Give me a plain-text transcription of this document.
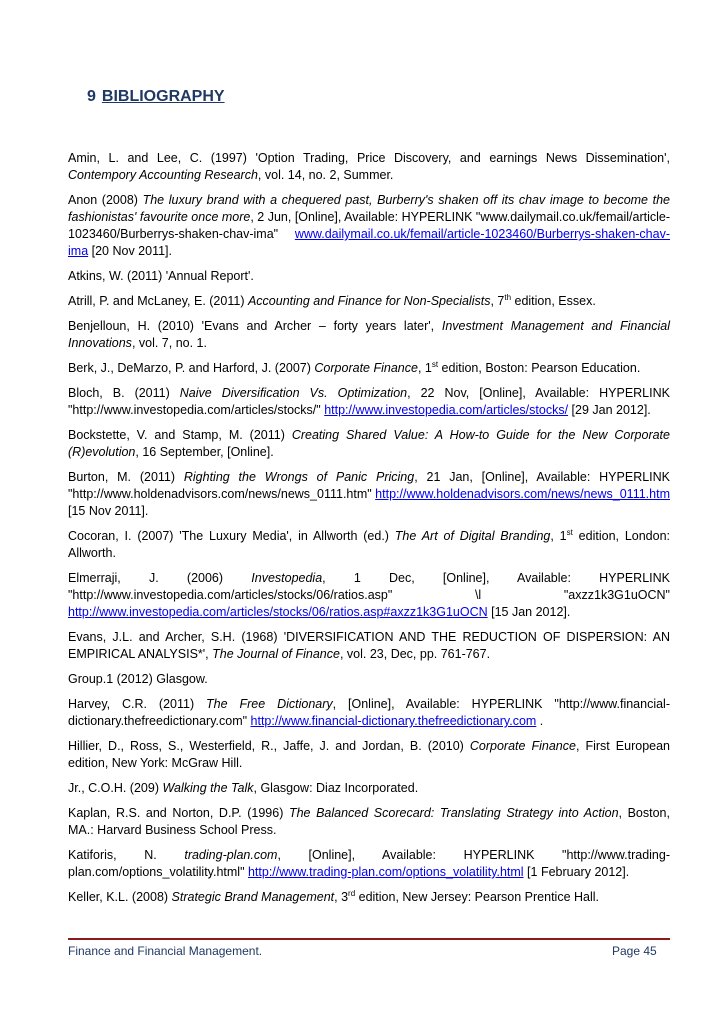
9 BIBLIOGRAPHY

Amin, L. and Lee, C. (1997) 'Option Trading, Price Discovery, and earnings News Dissemination', Contempory Accounting Research, vol. 14, no. 2, Summer.

Anon (2008) The luxury brand with a chequered past, Burberry's shaken off its chav image to become the fashionistas' favourite once more, 2 Jun, [Online], Available: HYPERLINK "www.dailymail.co.uk/femail/article-1023460/Burberrys-shaken-chav-ima" www.dailymail.co.uk/femail/article-1023460/Burberrys-shaken-chav-ima [20 Nov 2011].

Atkins, W. (2011) 'Annual Report'.

Atrill, P. and McLaney, E. (2011) Accounting and Finance for Non-Specialists, 7th edition, Essex.

Benjelloun, H. (2010) 'Evans and Archer – forty years later', Investment Management and Financial Innovations, vol. 7, no. 1.

Berk, J., DeMarzo, P. and Harford, J. (2007) Corporate Finance, 1st edition, Boston: Pearson Education.

Bloch, B. (2011) Naive Diversification Vs. Optimization, 22 Nov, [Online], Available: HYPERLINK "http://www.investopedia.com/articles/stocks/" http://www.investopedia.com/articles/stocks/ [29 Jan 2012].

Bockstette, V. and Stamp, M. (2011) Creating Shared Value: A How-to Guide for the New Corporate (R)evolution, 16 September, [Online].

Burton, M. (2011) Righting the Wrongs of Panic Pricing, 21 Jan, [Online], Available: HYPERLINK "http://www.holdenadvisors.com/news/news_0111.htm" http://www.holdenadvisors.com/news/news_0111.htm [15 Nov 2011].

Cocoran, I. (2007) 'The Luxury Media', in Allworth (ed.) The Art of Digital Branding, 1st edition, London: Allworth.

Elmerraji, J. (2006) Investopedia, 1 Dec, [Online], Available: HYPERLINK "http://www.investopedia.com/articles/stocks/06/ratios.asp" \l "axzz1k3G1uOCN" http://www.investopedia.com/articles/stocks/06/ratios.asp#axzz1k3G1uOCN [15 Jan 2012].

Evans, J.L. and Archer, S.H. (1968) 'DIVERSIFICATION AND THE REDUCTION OF DISPERSION: AN EMPIRICAL ANALYSIS*', The Journal of Finance, vol. 23, Dec, pp. 761-767.

Group.1 (2012) Glasgow.

Harvey, C.R. (2011) The Free Dictionary, [Online], Available: HYPERLINK "http://www.financial-dictionary.thefreedictionary.com" http://www.financial-dictionary.thefreedictionary.com .

Hillier, D., Ross, S., Westerfield, R., Jaffe, J. and Jordan, B. (2010) Corporate Finance, First European edition, New York: McGraw Hill.

Jr., C.O.H. (209) Walking the Talk, Glasgow: Diaz Incorporated.

Kaplan, R.S. and Norton, D.P. (1996) The Balanced Scorecard: Translating Strategy into Action, Boston, MA.: Harvard Business School Press.

Katiforis, N. trading-plan.com, [Online], Available: HYPERLINK "http://www.trading-plan.com/options_volatility.html" http://www.trading-plan.com/options_volatility.html [1 February 2012].

Keller, K.L. (2008) Strategic Brand Management, 3rd edition, New Jersey: Pearson Prentice Hall.

Finance and Financial Management.	Page 45
